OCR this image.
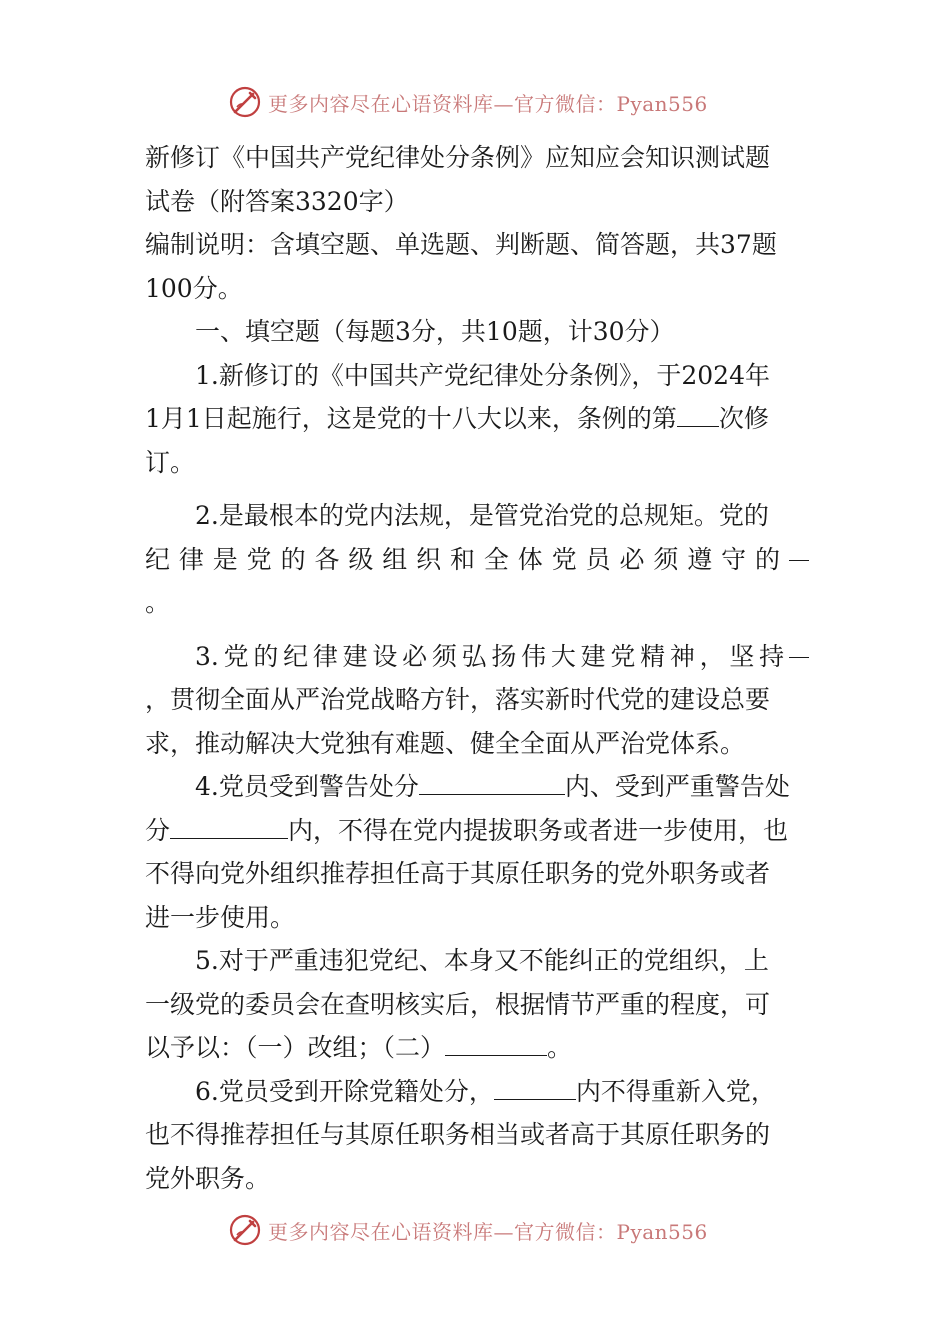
更多内容尽在心语资料库—官方微信：Pyan556

新修订《中国共产党纪律处分条例》应知应会知识测试题

试卷（附答案3320字）

编制说明：含填空题、单选题、判断题、简答题，共37题

100分。

一、填空题（每题3分，共10题，计30分）

1.新修订的《中国共产党纪律处分条例》，于2024年

1月1日起施行，这是党的十八大以来，条例的第 次修

订。

2.是最根本的党内法规，是管党治党的总规矩。党的

纪 律 是 党 的 各 级 组 织 和 全 体 党 员 必 须 遵 守 的

。

3. 党 的 纪 律 建 设 必 须 弘 扬 伟 大 建 党 精 神 ， 坚 持

，贯彻全面从严治党战略方针，落实新时代党的建设总要

求，推动解决大党独有难题、健全全面从严治党体系。

4.党员受到警告处分	内、受到严重警告处

分	内，不得在党内提拔职务或者进一步使用，也

不得向党外组织推荐担任高于其原任职务的党外职务或者

进一步使用。

5.对于严重违犯党纪、本身又不能纠正的党组织，上

一级党的委员会在查明核实后，根据情节严重的程度，可

以予以：（一）改组；（二）	。

6.党员受到开除党籍处分，	内不得重新入党，

也不得推荐担任与其原任职务相当或者高于其原任职务的

党外职务。

更多内容尽在心语资料库—官方微信：Pyan556
